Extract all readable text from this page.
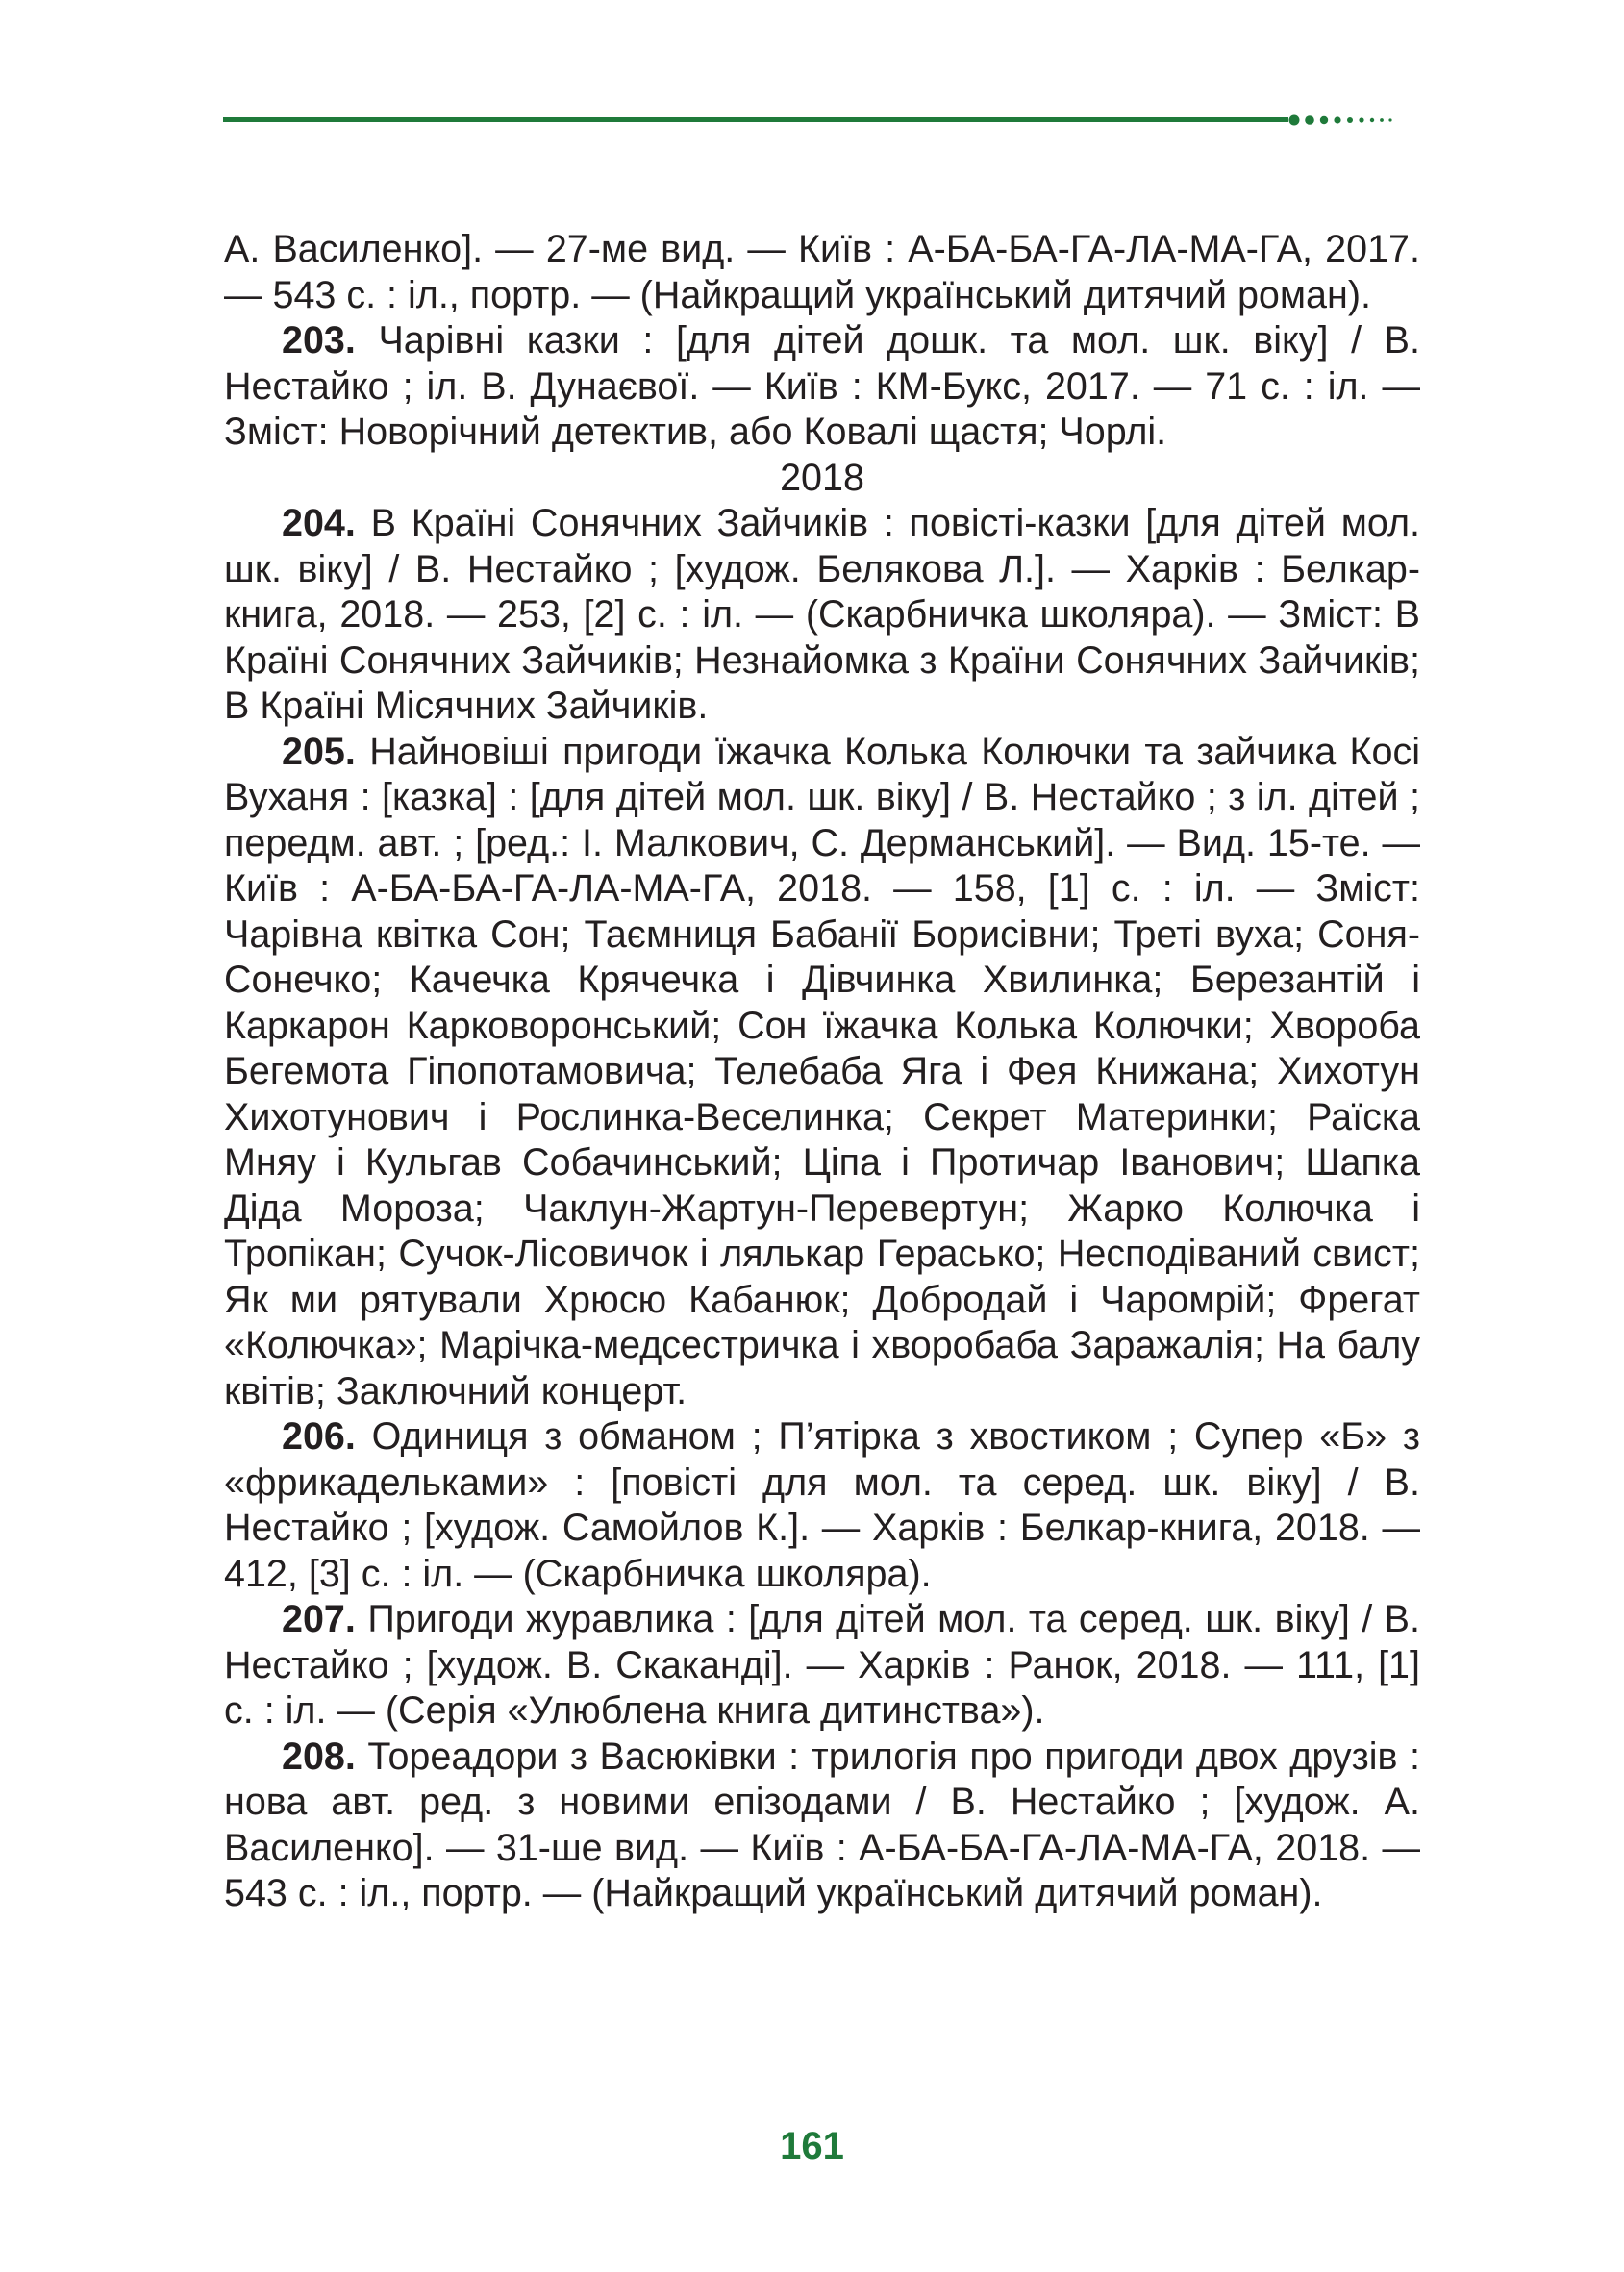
А. Василенко]. — 27-ме вид. — Київ : А-БА-БА-ГА-ЛА-МА-ГА, 2017. — 543 с. : іл., портр. — (Найкращий український дитячий роман).

203. Чарівні казки : [для дітей дошк. та мол. шк. віку] / В. Нестайко ; іл. В. Дунаєвої. — Київ : КМ-Букс, 2017. — 71 с. : іл. — Зміст: Новорічний детектив, або Ковалі щастя; Чорлі.

2018

204. В Країні Сонячних Зайчиків : повісті-казки [для дітей мол. шк. віку] / В. Нестайко ; [худож. Белякова Л.]. — Харків : Белкар-книга, 2018. — 253, [2] с. : іл. — (Скарбничка школяра). — Зміст: В Країні Сонячних Зайчиків; Незнайомка з Країни Сонячних Зайчиків; В Країні Місячних Зайчиків.

205. Найновіші пригоди їжачка Колька Колючки та зайчика Косі Вуханя : [казка] : [для дітей мол. шк. віку] / В. Нестайко ; з іл. дітей ; передм. авт. ; [ред.: І. Малкович, С. Дерманський]. — Вид. 15-те. — Київ : А-БА-БА-ГА-ЛА-МА-ГА, 2018. — 158, [1] с. : іл. — Зміст: Чарівна квітка Сон; Таємниця Бабанії Борисівни; Треті вуха; Соня-Сонечко; Качечка Крячечка і Дівчинка Хвилинка; Березантій і Каркарон Карковоронський; Сон їжачка Колька Колючки; Хвороба Бегемота Гіпопотамовича; Телебаба Яга і Фея Книжана; Хихотун Хихотунович і Рослинка-Веселинка; Секрет Материнки; Раїска Мняу і Кульгав Собачинський; Ціпа і Протичар Іванович; Шапка Діда Мороза; Чаклун-Жартун-Перевертун; Жарко Колючка і Тропікан; Сучок-Лісовичок і лялькар Герасько; Несподіваний свист; Як ми рятували Хрюсю Кабанюк; Добродай і Чаромрій; Фрегат «Колючка»; Марічка-медсестричка і хворобаба Заражалія; На балу квітів; Заключний концерт.

206. Одиниця з обманом ; П’ятірка з хвостиком ; Супер «Б» з «фрикадельками» : [повісті для мол. та серед. шк. віку] / В. Нестайко ; [худож. Самойлов К.]. — Харків : Белкар-книга, 2018. — 412, [3] с. : іл. — (Скарбничка школяра).

207. Пригоди журавлика : [для дітей мол. та серед. шк. віку] / В. Нестайко ; [худож. В. Скаканді]. — Харків : Ранок, 2018. — 111, [1] с. : іл. — (Серія «Улюблена книга дитинства»).

208. Тореадори з Васюківки : трилогія про пригоди двох друзів : нова авт. ред. з новими епізодами / В. Нестайко ; [худож. А. Василенко]. — 31-ше вид. — Київ : А-БА-БА-ГА-ЛА-МА-ГА, 2018. — 543 с. : іл., портр. — (Найкращий український дитячий роман).

161
